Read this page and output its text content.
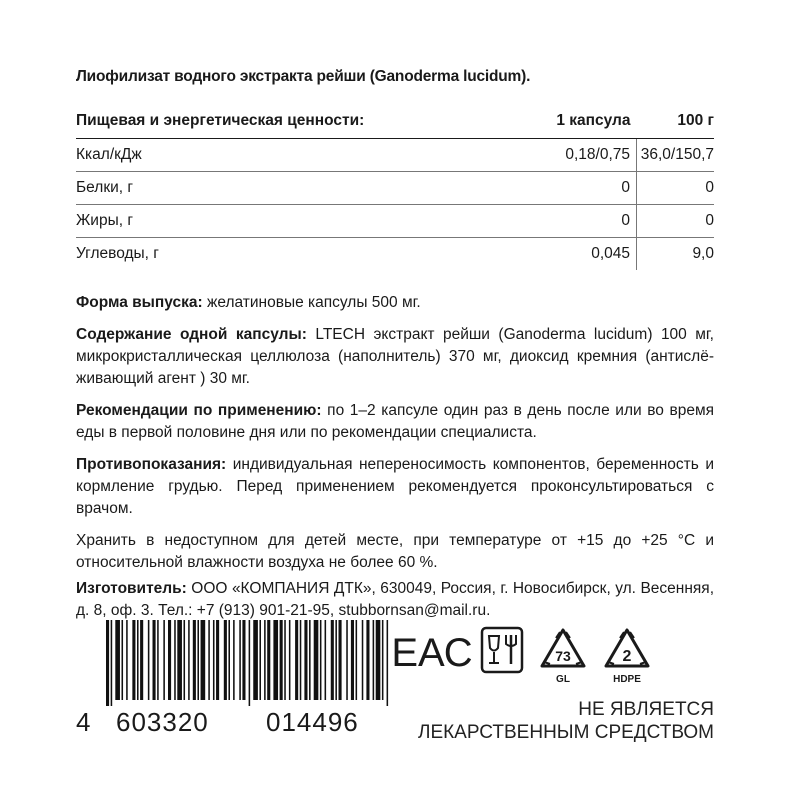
Лиофилизат водного экстракта рейши (Ganoderma lucidum).
Пищевая и энергетическая ценности:	1 капсула	100 г
Ккал/кДж	0,18/0,75	36,0/150,7
Белки, г	0	0
Жиры, г	0	0
Углеводы, г	0,045	9,0
Форма выпуска: желатиновые капсулы 500 мг.
Содержание одной капсулы: LTECH экстракт рейши (Ganoderma lucidum) 100 мг, микрокристаллическая целлюлоза (наполнитель) 370 мг, диоксид кремния (антислё-живающий агент ) 30 мг.
Рекомендации по применению: по 1–2 капсуле один раз в день после или во время еды в первой половине дня или по рекомендации специалиста.
Противопоказания: индивидуальная непереносимость компонентов, беременность и кормление грудью. Перед применением рекомендуется проконсультироваться с врачом.
Хранить в недоступном для детей месте, при температуре от +15 до +25 °С и относительной влажности воздуха не более 60 %.
Изготовитель: ООО «КОМПАНИЯ ДТК», 630049, Россия, г. Новосибирск, ул. Весенняя, д. 8, оф. 3. Тел.: +7 (913) 901-21-95, stubbornsan@mail.ru.
4 603320 014496
ЕАС	73
GL
2
HDPE
НЕ ЯВЛЯЕТСЯ
ЛЕКАРСТВЕННЫМ СРЕДСТВОМ
